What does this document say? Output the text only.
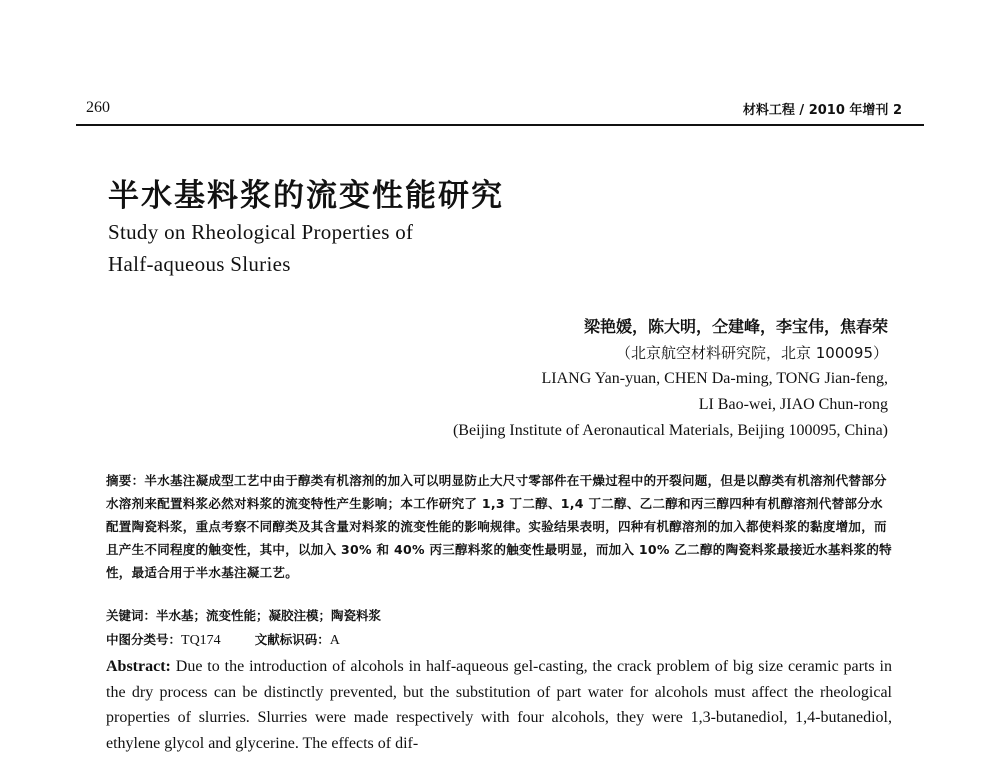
260	材料工程 / 2010 年增刊 2
半水基料浆的流变性能研究
Study on Rheological Properties of
Half-aqueous Sluries
梁艳媛，陈大明，仝建峰，李宝伟，焦春荣
（北京航空材料研究院，北京 100095）
LIANG Yan-yuan, CHEN Da-ming, TONG Jian-feng,
LI Bao-wei, JIAO Chun-rong
(Beijing Institute of Aeronautical Materials, Beijing 100095, China)

摘要：半水基注凝成型工艺中由于醇类有机溶剂的加入可以明显防止大尺寸零部件在干燥过程中的开裂问题，但是以醇类有机溶剂代替部分水溶剂来配置料浆必然对料浆的流变特性产生影响；本工作研究了 1,3 丁二醇、1,4 丁二醇、乙二醇和丙三醇四种有机醇溶剂代替部分水配置陶瓷料浆，重点考察不同醇类及其含量对料浆的流变性能的影响规律。实验结果表明，四种有机醇溶剂的加入都使料浆的黏度增加，而且产生不同程度的触变性，其中，以加入 30% 和 40% 丙三醇料浆的触变性最明显，而加入 10% 乙二醇的陶瓷料浆最接近水基料浆的特性，最适合用于半水基注凝工艺。

关键词：半水基；流变性能；凝胶注模；陶瓷料浆
中图分类号：TQ174	文献标识码：A

Abstract: Due to the introduction of alcohols in half-aqueous gel-casting, the crack problem of big size ceramic parts in the dry process can be distinctly prevented, but the substitution of part water for alcohols must affect the rheological properties of slurries. Slurries were made respectively with four alcohols, they were 1,3-butanediol, 1,4-butanediol, ethylene glycol and glycerine. The effects of dif-
